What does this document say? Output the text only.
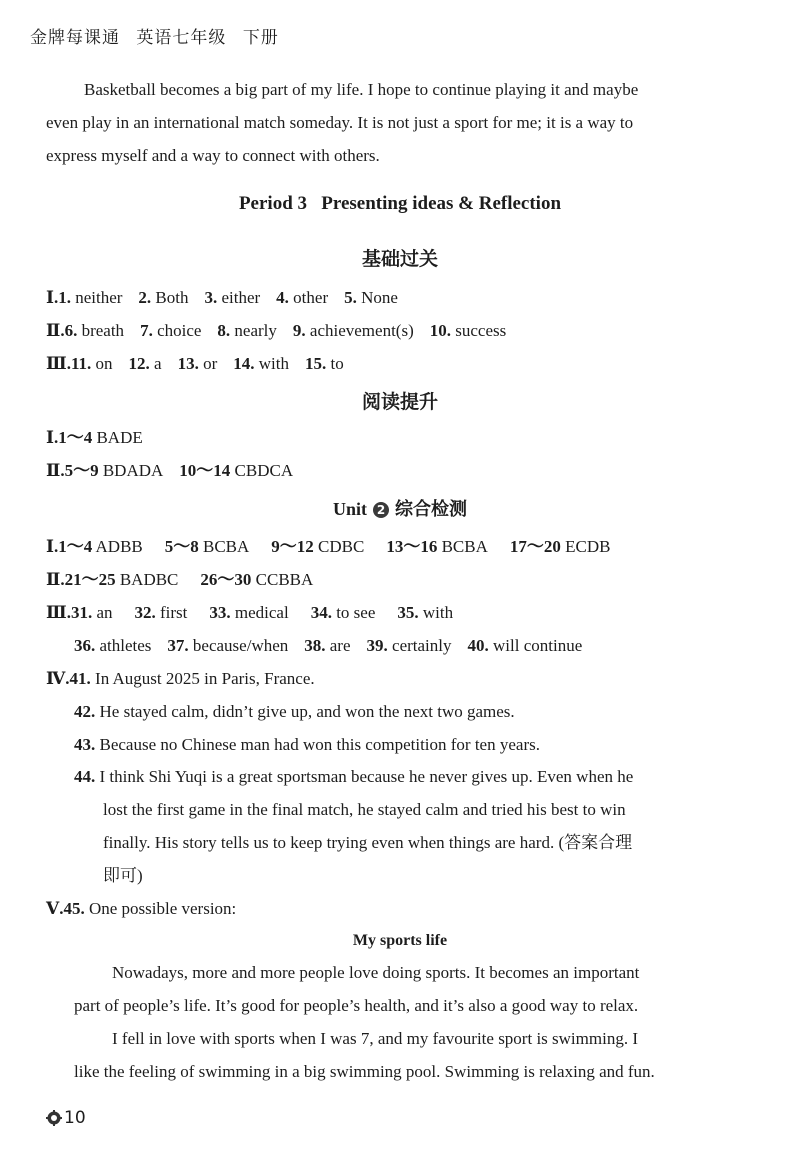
金牌每课通 英语七年级 下册
Basketball becomes a big part of my life. I hope to continue playing it and maybe
even play in an international match someday. It is not just a sport for me; it is a way to
express myself and a way to connect with others.
Period 3   Presenting ideas & Reflection
基础过关
Ⅰ.1. neither 2. Both 3. either 4. other 5. None
Ⅱ.6. breath 7. choice 8. nearly 9. achievement(s) 10. success
Ⅲ.11. on 12. a 13. or 14. with 15. to
阅读提升
Ⅰ.1～4 BADE
Ⅱ.5～9 BDADA 10～14 CBDCA
Unit 2 综合检测
Ⅰ.1～4 ADBB 5～8 BCBA 9～12 CDBC 13～16 BCBA 17～20 ECDB
Ⅱ.21～25 BADBC 26～30 CCBBA
Ⅲ.31. an 32. first 33. medical 34. to see 35. with
36. athletes 37. because/when 38. are 39. certainly 40. will continue
Ⅳ.41. In August 2025 in Paris, France.
42. He stayed calm, didn’t give up, and won the next two games.
43. Because no Chinese man had won this competition for ten years.
44. I think Shi Yuqi is a great sportsman because he never gives up. Even when he
lost the first game in the final match, he stayed calm and tried his best to win
finally. His story tells us to keep trying even when things are hard. (答案合理
即可)
Ⅴ.45. One possible version:
My sports life
Nowadays, more and more people love doing sports. It becomes an important
part of people’s life. It’s good for people’s health, and it’s also a good way to relax.
I fell in love with sports when I was 7, and my favourite sport is swimming. I
like the feeling of swimming in a big swimming pool. Swimming is relaxing and fun.
10
